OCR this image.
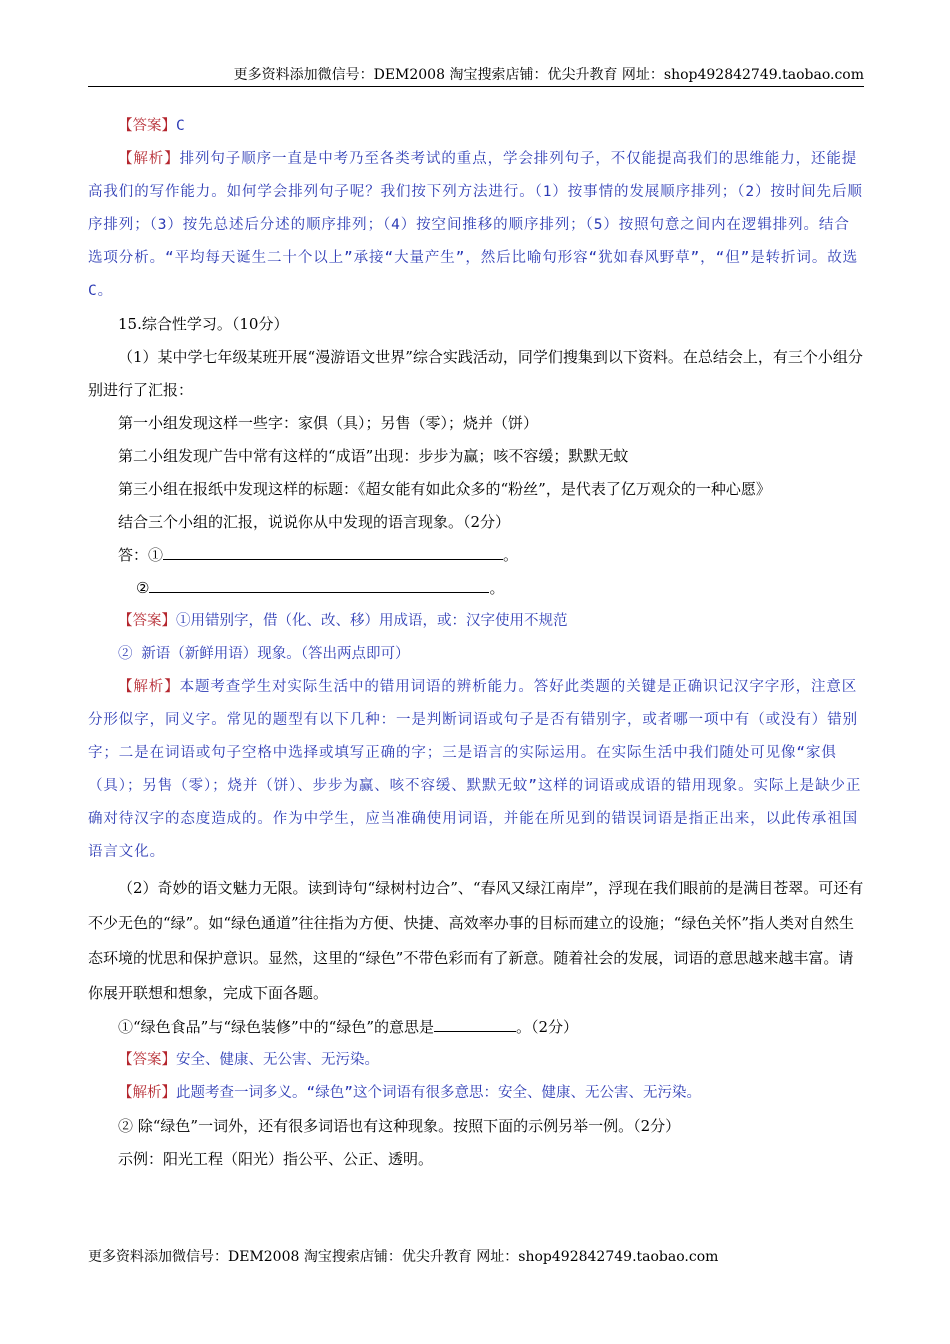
更多资料添加微信号：DEM2008 淘宝搜索店铺：优尖升教育 网址：shop492842749.taobao.com

【答案】C

【解析】排列句子顺序一直是中考乃至各类考试的重点，学会排列句子，不仅能提高我们的思维能力，还能提高我们的写作能力。如何学会排列句子呢？我们按下列方法进行。（1）按事情的发展顺序排列；（2）按时间先后顺序排列；（3）按先总述后分述的顺序排列；（4）按空间推移的顺序排列；（5）按照句意之间内在逻辑排列。结合选项分析。“平均每天诞生二十个以上”承接“大量产生”，然后比喻句形容“犹如春风野草”，“但”是转折词。故选C。

15.综合性学习。（10分）

（1）某中学七年级某班开展“漫游语文世界”综合实践活动，同学们搜集到以下资料。在总结会上，有三个小组分别进行了汇报：

第一小组发现这样一些字：家俱（具）；另售（零）；烧并（饼）

第二小组发现广告中常有这样的“成语”出现：步步为赢；咳不容缓；默默无蚊

第三小组在报纸中发现这样的标题：《超女能有如此众多的“粉丝”，是代表了亿万观众的一种心愿》

结合三个小组的汇报，说说你从中发现的语言现象。（2分）

答：①	。

②	。

【答案】①用错别字，借（化、改、移）用成语，或：汉字使用不规范

② 新语（新鲜用语）现象。（答出两点即可）

【解析】本题考查学生对实际生活中的错用词语的辨析能力。答好此类题的关键是正确识记汉字字形，注意区分形似字，同义字。常见的题型有以下几种：一是判断词语或句子是否有错别字，或者哪一项中有（或没有）错别字；二是在词语或句子空格中选择或填写正确的字；三是语言的实际运用。在实际生活中我们随处可见像“家俱（具）；另售（零）；烧并（饼）、步步为赢、咳不容缓、默默无蚊”这样的词语或成语的错用现象。实际上是缺少正确对待汉字的态度造成的。作为中学生，应当准确使用词语，并能在所见到的错误词语是指正出来，以此传承祖国语言文化。

（2）奇妙的语文魅力无限。读到诗句“绿树村边合”、“春风又绿江南岸”，浮现在我们眼前的是满目苍翠。可还有不少无色的“绿”。如“绿色通道”往往指为方便、快捷、高效率办事的目标而建立的设施；“绿色关怀”指人类对自然生态环境的忧思和保护意识。显然，这里的“绿色”不带色彩而有了新意。随着社会的发展，词语的意思越来越丰富。请你展开联想和想象，完成下面各题。

①“绿色食品”与“绿色装修”中的“绿色”的意思是	。（2分）

【答案】安全、健康、无公害、无污染。

【解析】此题考查一词多义。“绿色”这个词语有很多意思：安全、健康、无公害、无污染。

② 除“绿色”一词外，还有很多词语也有这种现象。按照下面的示例另举一例。（2分）

示例：阳光工程（阳光）指公平、公正、透明。

更多资料添加微信号：DEM2008 淘宝搜索店铺：优尖升教育 网址：shop492842749.taobao.com
